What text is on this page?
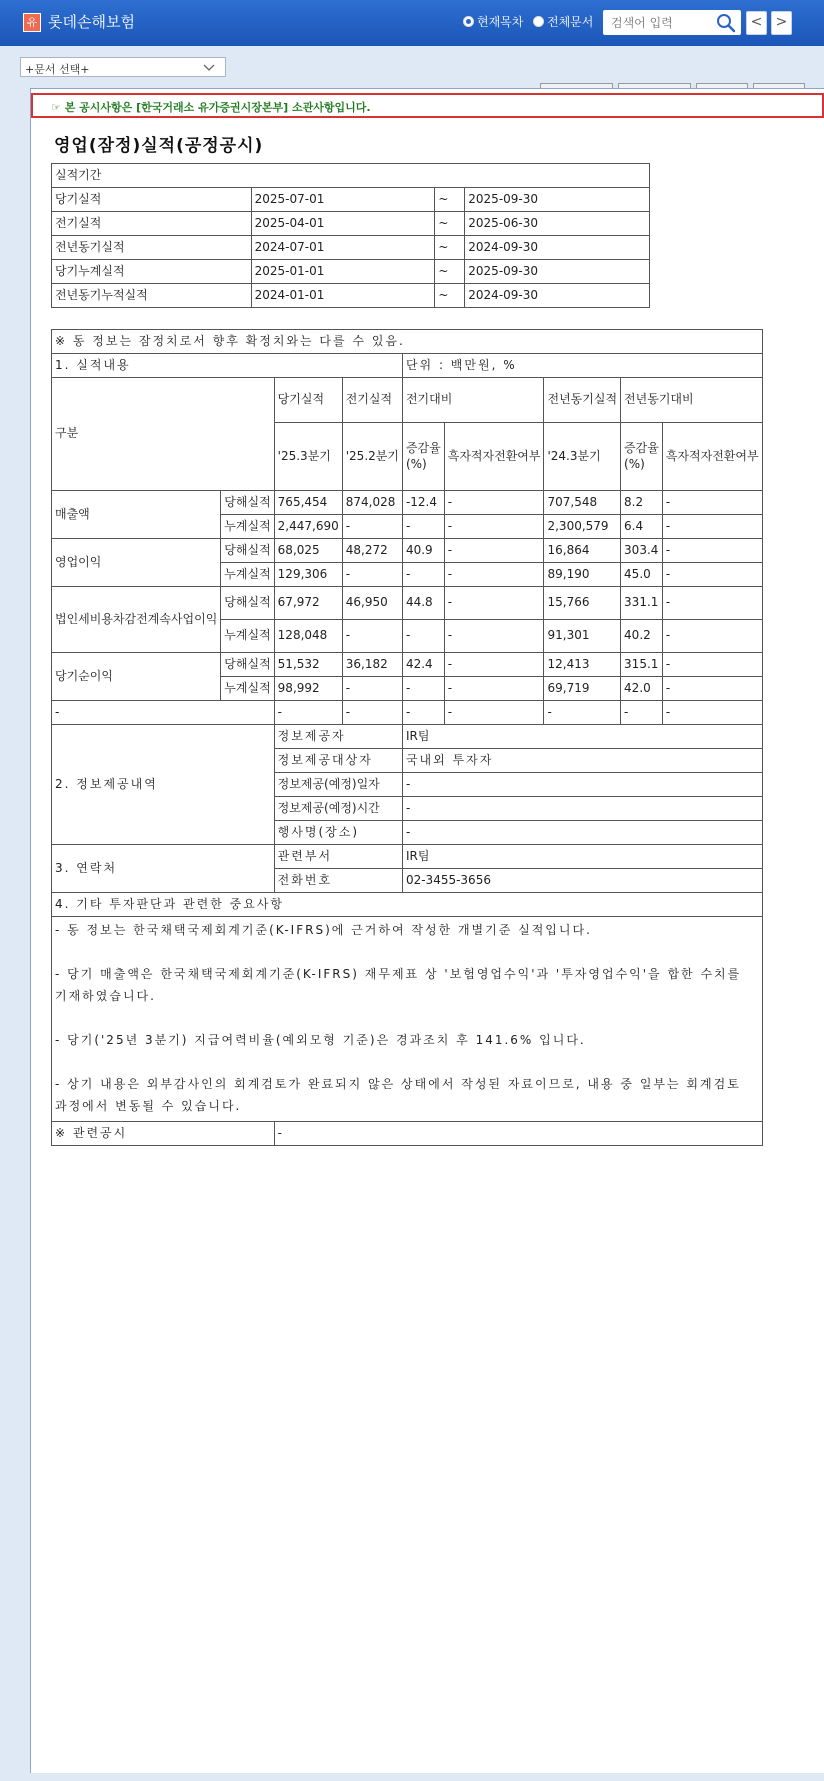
유 롯데손해보험	현재목차 전체문서
검색어 입력	< >
+문서 선택+
☞ 본 공시사항은 [한국거래소 유가증권시장본부] 소관사항입니다.
영업(잠정)실적(공정공시)
실적기간			
당기실적	2025-07-01	~	2025-09-30
전기실적	2025-04-01	~	2025-06-30
전년동기실적	2024-07-01	~	2024-09-30
당기누계실적	2025-01-01	~	2025-09-30
전년동기누적실적	2024-01-01	~	2024-09-30
※ 동 정보는 잠정치로서 향후 확정치와는 다를 수 있음.								
1. 실적내용				단위 : 백만원, %				
구분		당기실적	전기실적	전기대비		전년동기실적	전년동기대비	
		'25.3분기	'25.2분기	증감율(%)	흑자적자전환여부	'24.3분기	증감율(%)	흑자적자전환여부
매출액	당해실적	765,454	874,028	-12.4	-	707,548	8.2	-
	누계실적	2,447,690	-	-	-	2,300,579	6.4	-
영업이익	당해실적	68,025	48,272	40.9	-	16,864	303.4	-
	누계실적	129,306	-	-	-	89,190	45.0	-
법인세비용차감전계속사업이익	당해실적	67,972	46,950	44.8	-	15,766	331.1	-
	누계실적	128,048	-	-	-	91,301	40.2	-
당기순이익	당해실적	51,532	36,182	42.4	-	12,413	315.1	-
	누계실적	98,992	-	-	-	69,719	42.0	-
-		-	-	-	-	-	-	-
2. 정보제공내역		정보제공자		IR팀				
		정보제공대상자		국내외 투자자				
		정보제공(예정)일자		-				
		정보제공(예정)시간		-				
		행사명(장소)		-				
3. 연락처		관련부서		IR팀				
		전화번호		02-3455-3656				
4. 기타 투자판단과 관련한 중요사항								

- 동 정보는 한국채택국제회계기준(K-IFRS)에 근거하여 작성한 개별기준 실적입니다.
- 당기 매출액은 한국채택국제회계기준(K-IFRS) 재무제표 상 '보험영업수익'과 '투자영업수익'을 합한 수치를 기재하였습니다.
- 당기('25년 3분기) 지급여력비율(예외모형 기준)은 경과조치 후 141.6% 입니다.
- 상기 내용은 외부감사인의 회계검토가 완료되지 않은 상태에서 작성된 자료이므로, 내용 중 일부는 회계검토 과정에서 변동될 수 있습니다.								

※ 관련공시		-						
